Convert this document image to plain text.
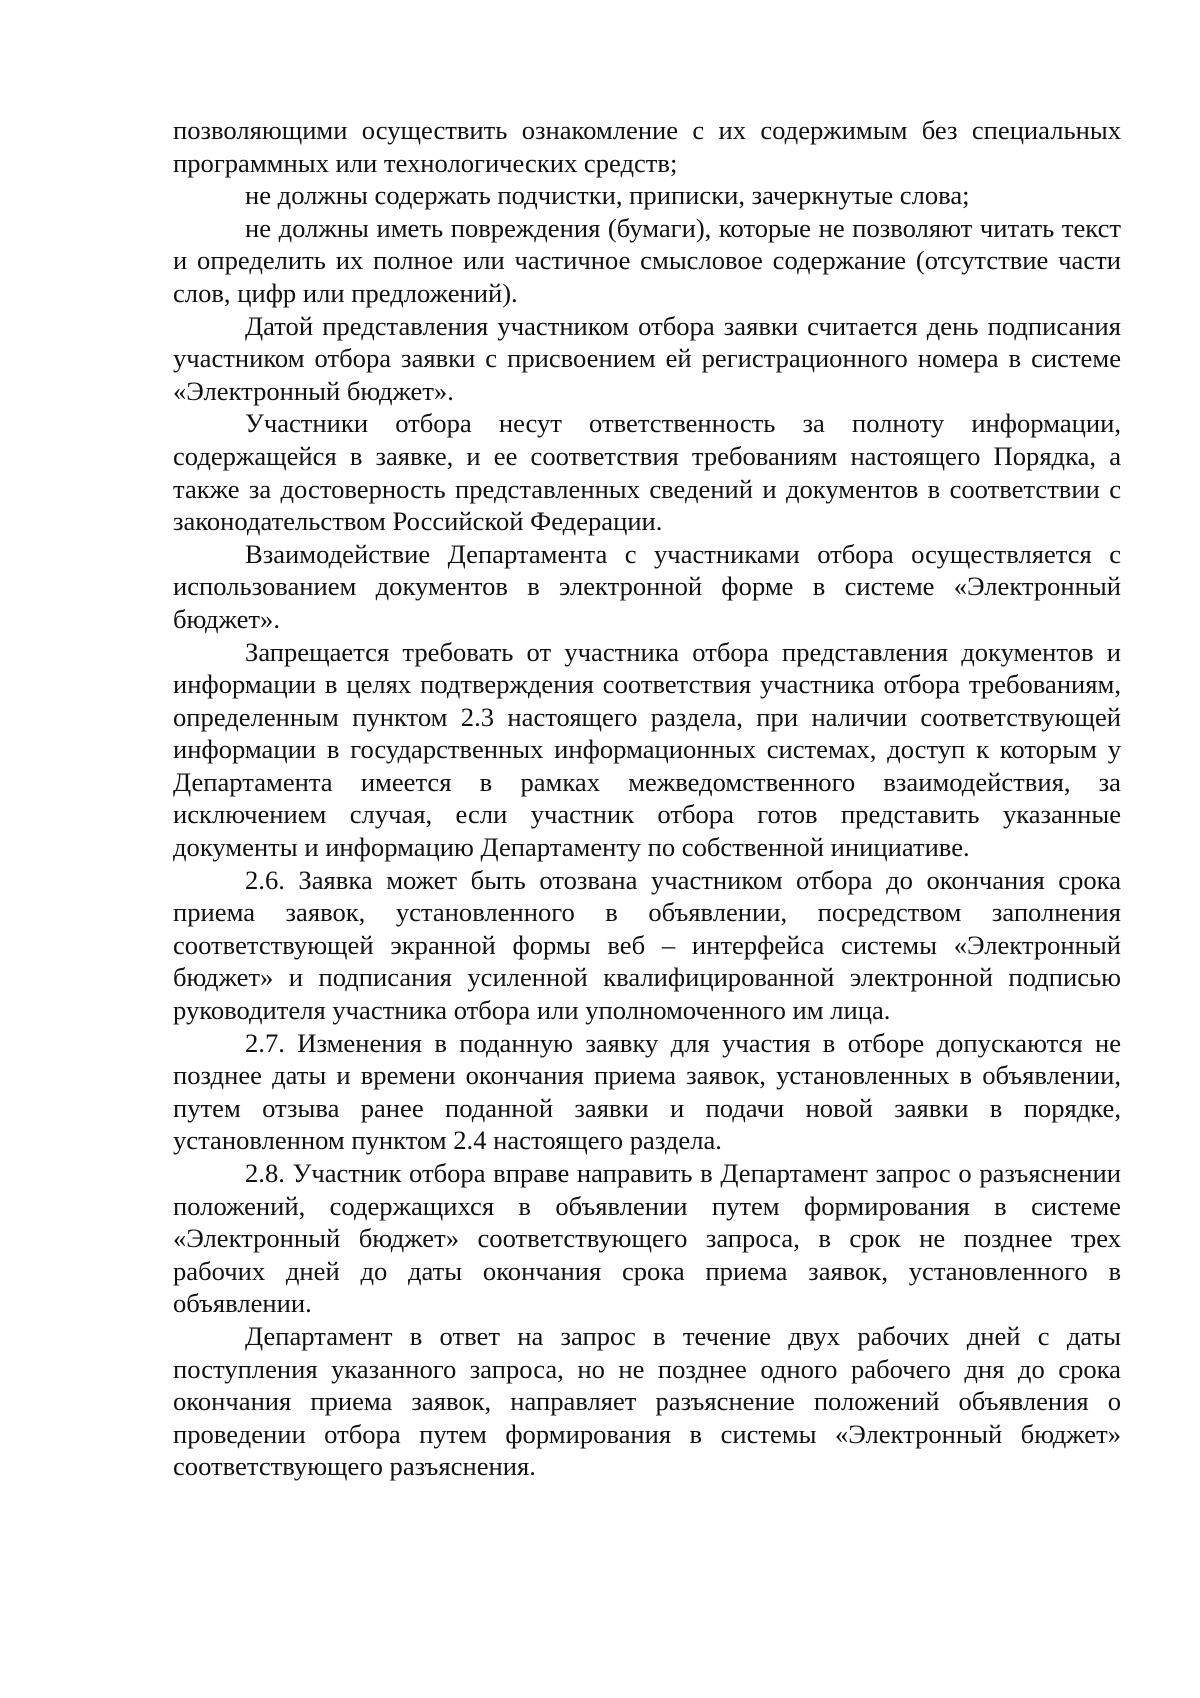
позволяющими осуществить ознакомление с их содержимым без специальных программных или технологических средств;

не должны содержать подчистки, приписки, зачеркнутые слова;

не должны иметь повреждения (бумаги), которые не позволяют читать текст и определить их полное или частичное смысловое содержание (отсутствие части слов, цифр или предложений).

Датой представления участником отбора заявки считается день подписания участником отбора заявки с присвоением ей регистрационного номера в системе «Электронный бюджет».

Участники отбора несут ответственность за полноту информации, содержащейся в заявке, и ее соответствия требованиям настоящего Порядка, а также за достоверность представленных сведений и документов в соответствии с законодательством Российской Федерации.

Взаимодействие Департамента с участниками отбора осуществляется с использованием документов в электронной форме в системе «Электронный бюджет».

Запрещается требовать от участника отбора представления документов и информации в целях подтверждения соответствия участника отбора требованиям, определенным пунктом 2.3 настоящего раздела, при наличии соответствующей информации в государственных информационных системах, доступ к которым у Департамента имеется в рамках межведомственного взаимодействия, за исключением случая, если участник отбора готов представить указанные документы и информацию Департаменту по собственной инициативе.

2.6. Заявка может быть отозвана участником отбора до окончания срока приема заявок, установленного в объявлении, посредством заполнения соответствующей экранной формы веб – интерфейса системы «Электронный бюджет» и подписания усиленной квалифицированной электронной подписью руководителя участника отбора или уполномоченного им лица.

2.7. Изменения в поданную заявку для участия в отборе допускаются не позднее даты и времени окончания приема заявок, установленных в объявлении, путем отзыва ранее поданной заявки и подачи новой заявки в порядке, установленном пунктом 2.4 настоящего раздела.

2.8. Участник отбора вправе направить в Департамент запрос о разъяснении положений, содержащихся в объявлении путем формирования в системе «Электронный бюджет» соответствующего запроса, в срок не позднее трех рабочих дней до даты окончания срока приема заявок, установленного в объявлении.

Департамент в ответ на запрос в течение двух рабочих дней с даты поступления указанного запроса, но не позднее одного рабочего дня до срока окончания приема заявок, направляет разъяснение положений объявления о проведении отбора путем формирования в системы «Электронный бюджет» соответствующего разъяснения.
